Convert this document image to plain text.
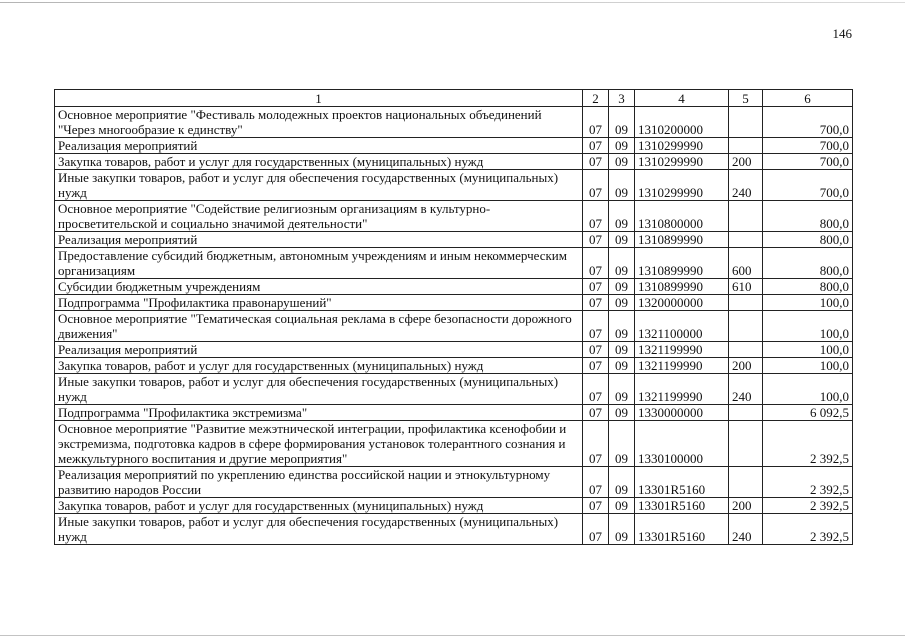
146
1	2	3	4	5	6
Основное мероприятие "Фестиваль молодежных проектов национальных объединений "Через многообразие к единству"	07	09	1310200000		700,0
Реализация мероприятий	07	09	1310299990		700,0
Закупка товаров, работ и услуг для государственных (муниципальных) нужд	07	09	1310299990	200	700,0
Иные закупки товаров, работ и услуг для обеспечения государственных (муниципальных) нужд	07	09	1310299990	240	700,0
Основное мероприятие "Содействие религиозным организациям в культурно-просветительской и социально значимой деятельности"	07	09	1310800000		800,0
Реализация мероприятий	07	09	1310899990		800,0
Предоставление субсидий бюджетным, автономным учреждениям и иным некоммерческим организациям	07	09	1310899990	600	800,0
Субсидии бюджетным учреждениям	07	09	1310899990	610	800,0
Подпрограмма "Профилактика правонарушений"	07	09	1320000000		100,0
Основное мероприятие "Тематическая социальная реклама в сфере безопасности дорожного движения"	07	09	1321100000		100,0
Реализация мероприятий	07	09	1321199990		100,0
Закупка товаров, работ и услуг для государственных (муниципальных) нужд	07	09	1321199990	200	100,0
Иные закупки товаров, работ и услуг для обеспечения государственных (муниципальных) нужд	07	09	1321199990	240	100,0
Подпрограмма "Профилактика экстремизма"	07	09	1330000000		6 092,5
Основное мероприятие "Развитие межэтнической интеграции, профилактика ксенофобии и экстремизма, подготовка кадров в сфере формирования установок толерантного сознания и межкультурного воспитания и другие мероприятия"	07	09	1330100000		2 392,5
Реализация мероприятий по укреплению единства российской нации и этнокультурному развитию народов России	07	09	13301R5160		2 392,5
Закупка товаров, работ и услуг для государственных (муниципальных) нужд	07	09	13301R5160	200	2 392,5
Иные закупки товаров, работ и услуг для обеспечения государственных (муниципальных) нужд	07	09	13301R5160	240	2 392,5
